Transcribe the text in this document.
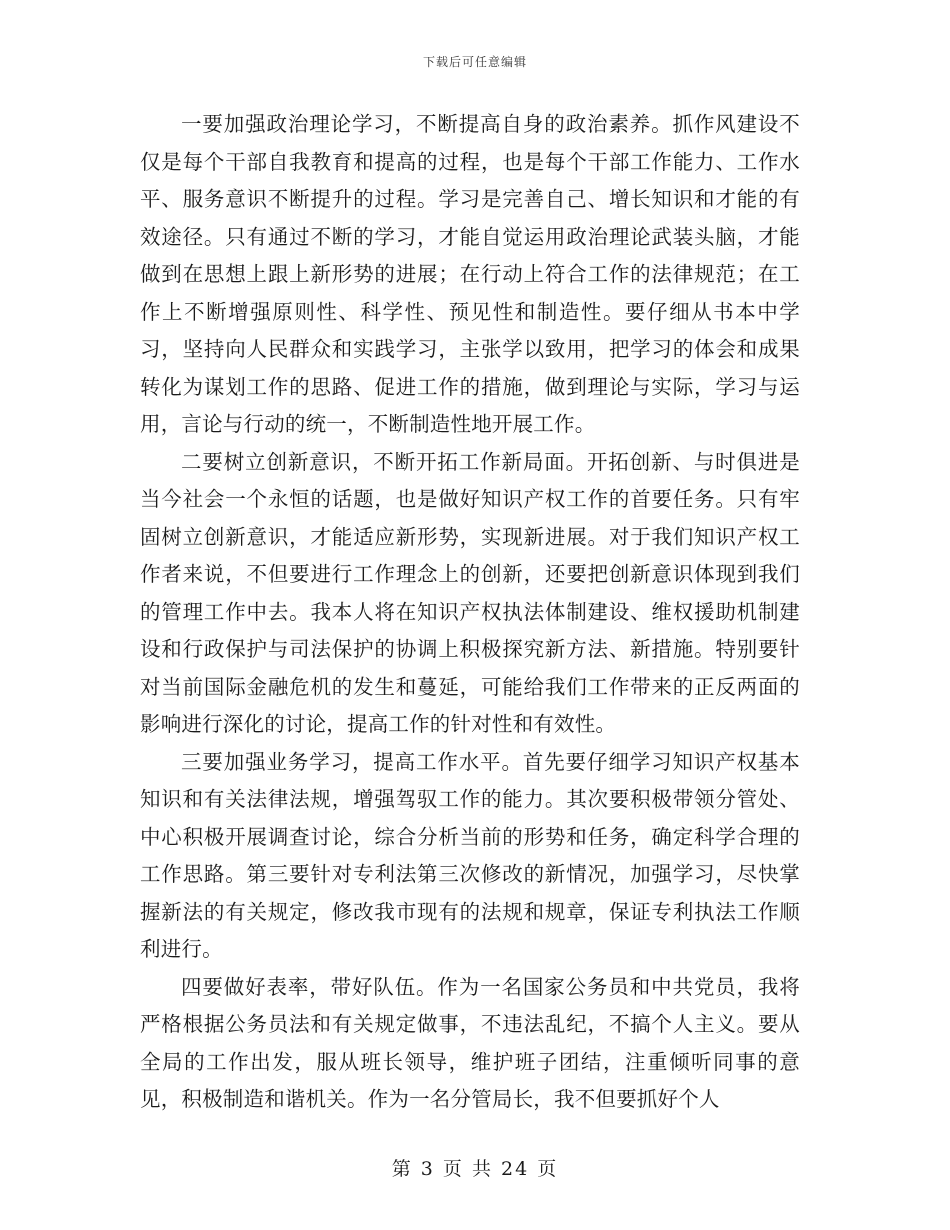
下载后可任意编辑

一要加强政治理论学习，不断提高自身的政治素养。抓作风建设不仅是每个干部自我教育和提高的过程，也是每个干部工作能力、工作水平、服务意识不断提升的过程。学习是完善自己、增长知识和才能的有效途径。只有通过不断的学习，才能自觉运用政治理论武装头脑，才能做到在思想上跟上新形势的进展；在行动上符合工作的法律规范；在工作上不断增强原则性、科学性、预见性和制造性。要仔细从书本中学习，坚持向人民群众和实践学习，主张学以致用，把学习的体会和成果转化为谋划工作的思路、促进工作的措施，做到理论与实际，学习与运用，言论与行动的统一，不断制造性地开展工作。

二要树立创新意识，不断开拓工作新局面。开拓创新、与时俱进是当今社会一个永恒的话题，也是做好知识产权工作的首要任务。只有牢固树立创新意识，才能适应新形势，实现新进展。对于我们知识产权工作者来说，不但要进行工作理念上的创新，还要把创新意识体现到我们的管理工作中去。我本人将在知识产权执法体制建设、维权援助机制建设和行政保护与司法保护的协调上积极探究新方法、新措施。特别要针对当前国际金融危机的发生和蔓延，可能给我们工作带来的正反两面的影响进行深化的讨论，提高工作的针对性和有效性。

三要加强业务学习，提高工作水平。首先要仔细学习知识产权基本知识和有关法律法规，增强驾驭工作的能力。其次要积极带领分管处、中心积极开展调查讨论，综合分析当前的形势和任务，确定科学合理的工作思路。第三要针对专利法第三次修改的新情况，加强学习，尽快掌握新法的有关规定，修改我市现有的法规和规章，保证专利执法工作顺利进行。

四要做好表率，带好队伍。作为一名国家公务员和中共党员，我将严格根据公务员法和有关规定做事，不违法乱纪，不搞个人主义。要从全局的工作出发，服从班长领导，维护班子团结，注重倾听同事的意见，积极制造和谐机关。作为一名分管局长，我不但要抓好个人

第 3 页 共 24 页
